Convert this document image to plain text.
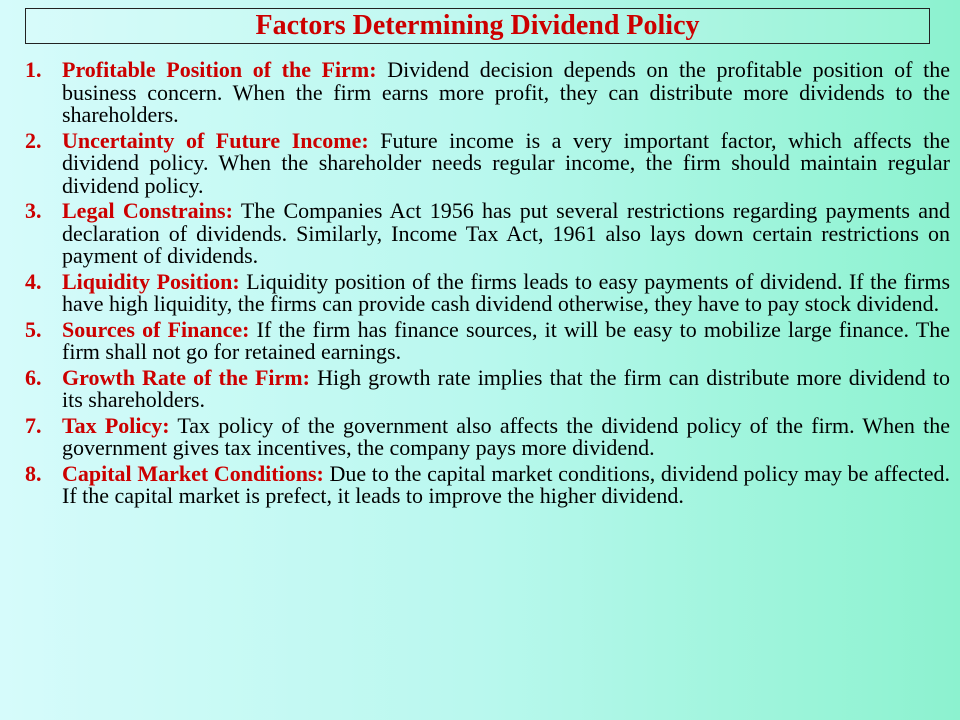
Factors Determining Dividend Policy
1. Profitable Position of the Firm: Dividend decision depends on the profitable position of the business concern. When the firm earns more profit, they can distribute more dividends to the shareholders.
2. Uncertainty of Future Income: Future income is a very important factor, which affects the dividend policy. When the shareholder needs regular income, the firm should maintain regular dividend policy.
3. Legal Constrains: The Companies Act 1956 has put several restrictions regarding payments and declaration of dividends. Similarly, Income Tax Act, 1961 also lays down certain restrictions on payment of dividends.
4. Liquidity Position: Liquidity position of the firms leads to easy payments of dividend. If the firms have high liquidity, the firms can provide cash dividend otherwise, they have to pay stock dividend.
5. Sources of Finance: If the firm has finance sources, it will be easy to mobilize large finance. The firm shall not go for retained earnings.
6. Growth Rate of the Firm: High growth rate implies that the firm can distribute more dividend to its shareholders.
7. Tax Policy: Tax policy of the government also affects the dividend policy of the firm. When the government gives tax incentives, the company pays more dividend.
8. Capital Market Conditions: Due to the capital market conditions, dividend policy may be affected. If the capital market is prefect, it leads to improve the higher dividend.
